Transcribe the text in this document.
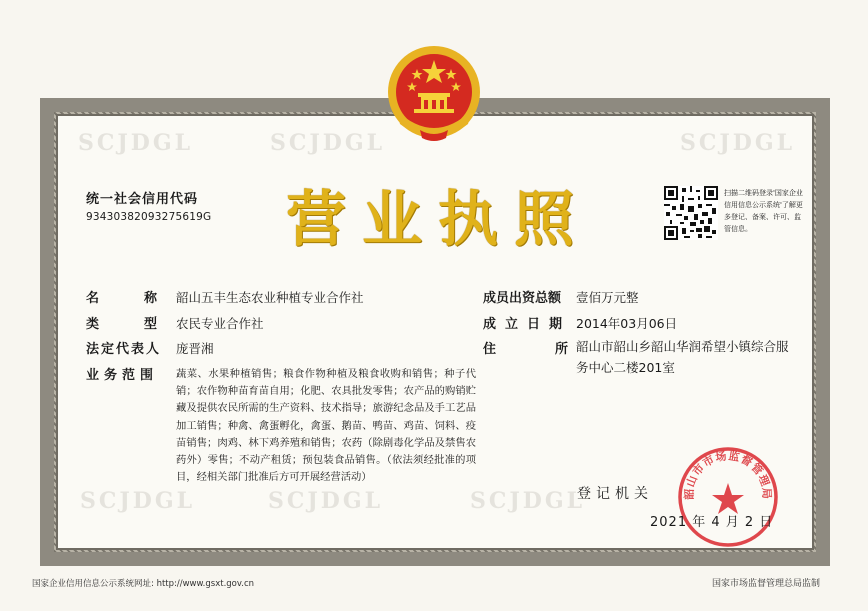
SCJDGL	SCJDGL	SCJDGL
SCJDGL	SCJDGL	SCJDGL
统一社会信用代码
93430382093275619G	营业执照	扫描二维码登录'国家企业信用信息公示系统'了解更多登记、备案、许可、监管信息。
名	称 韶山五丰生态农业种植专业合作社
类	型 农民专业合作社
法定代表人 庞晋湘
业务范围 蔬菜、水果种植销售；粮食作物种植及粮食收购和销售；种子代销；农作物种苗育苗自用；化肥、农具批发零售；农产品的购销贮藏及提供农民所需的生产资料、技术指导；旅游纪念品及手工艺品加工销售；种禽、禽蛋孵化，禽蛋、鹅苗、鸭苗、鸡苗、饲料、疫苗销售；肉鸡、林下鸡养殖和销售；农药（除剧毒化学品及禁售农药外）零售；不动产租赁；预包装食品销售。（依法须经批准的项目，经相关部门批准后方可开展经营活动）
成员出资总额 壹佰万元整
成立日期 2014年03月06日
住	所 韶山市韶山乡韶山华润希望小镇综合服务中心二楼201室
登记机关	韶山市市场监督管理局
2021 年 4 月 2 日
国家企业信用信息公示系统网址: http://www.gsxt.gov.cn	国家市场监督管理总局监制
